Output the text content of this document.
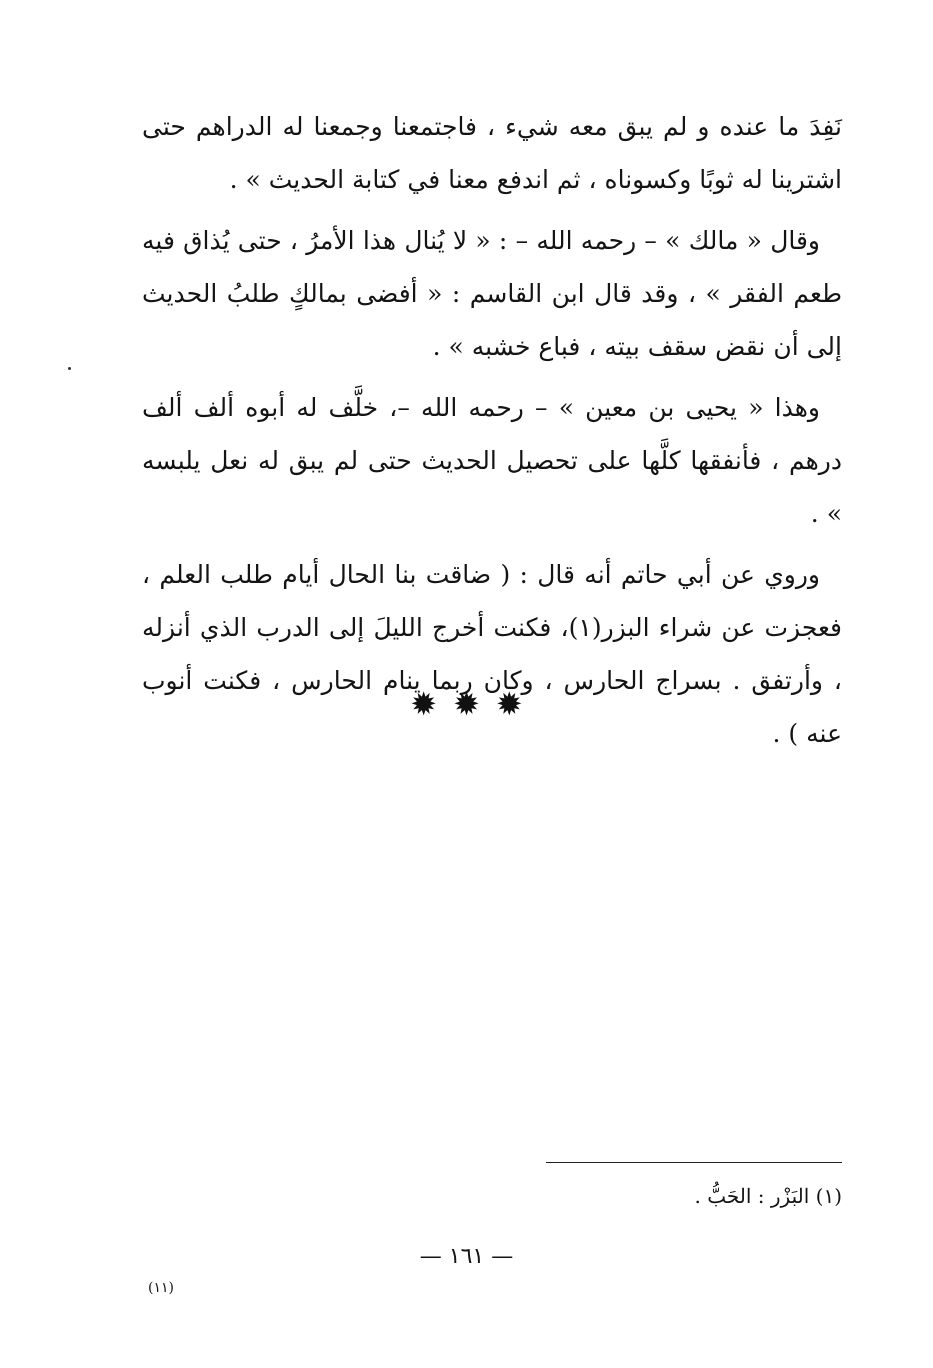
نَفِدَ ما عنده و لم يبق معه شيء ، فاجتمعنا وجمعنا له الدراهم حتى اشترينا له ثوبًا وكسوناه ، ثم اندفع معنا في كتابة الحديث » .

وقال « مالك » – رحمه الله – : « لا يُنال هذا الأمرُ ، حتى يُذاق فيه طعم الفقر » ، وقد قال ابن القاسم : « أفضى بمالكٍ طلبُ الحديث إلى أن نقض سقف بيته ، فباع خشبه » .

وهذا « يحيى بن معين » – رحمه الله –، خلَّف له أبوه ألف ألف درهم ، فأنفقها كلَّها على تحصيل الحديث حتى لم يبق له نعل يلبسه » .

وروي عن أبي حاتم أنه قال : ( ضاقت بنا الحال أيام طلب العلم ، فعجزت عن شراء البزر(١)، فكنت أخرج الليلَ إلى الدرب الذي أنزله ، وأرتفق . بسراج الحارس ، وكان ربما ينام الحارس ، فكنت أنوب عنه ) .

✹ ✹ ✹
(١) البَزْر : الحَبُّ .
— ١٦١ —
(١١)
